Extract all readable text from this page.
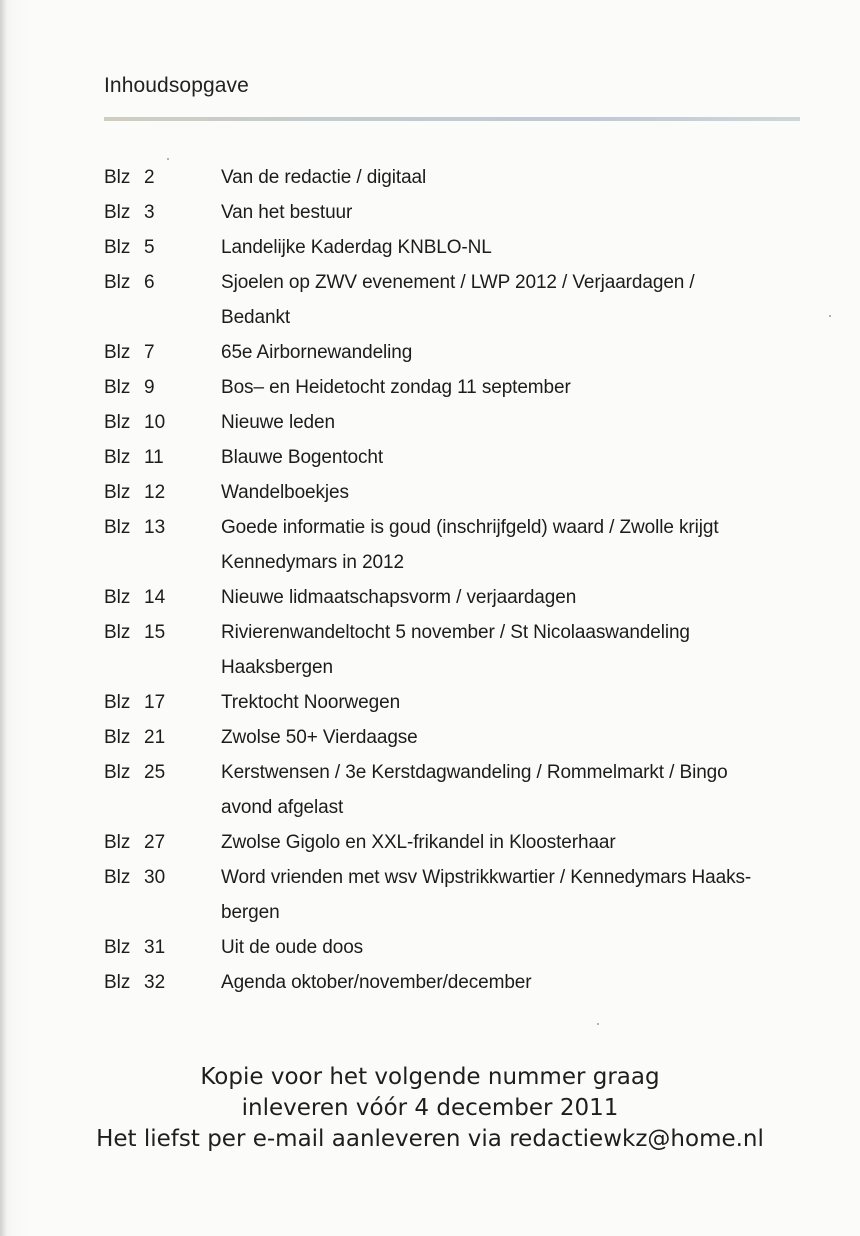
Inhoudsopgave
Blz 2	Van de redactie / digitaal
Blz 3	Van het bestuur
Blz 5	Landelijke Kaderdag KNBLO-NL
Blz 6	Sjoelen op ZWV evenement / LWP 2012 / Verjaardagen /
Bedankt
Blz 7	65e Airbornewandeling
Blz 9	Bos– en Heidetocht zondag 11 september
Blz 10	Nieuwe leden
Blz 11	Blauwe Bogentocht
Blz 12	Wandelboekjes
Blz 13	Goede informatie is goud (inschrijfgeld) waard / Zwolle krijgt
Kennedymars in 2012
Blz 14	Nieuwe lidmaatschapsvorm / verjaardagen
Blz 15	Rivierenwandeltocht 5 november / St Nicolaaswandeling
Haaksbergen
Blz 17	Trektocht Noorwegen
Blz 21	Zwolse 50+ Vierdaagse
Blz 25	Kerstwensen / 3e Kerstdagwandeling / Rommelmarkt / Bingo
avond afgelast
Blz 27	Zwolse Gigolo en XXL-frikandel in Kloosterhaar
Blz 30	Word vrienden met wsv Wipstrikkwartier / Kennedymars Haaks-
bergen
Blz 31	Uit de oude doos
Blz 32	Agenda oktober/november/december
Kopie voor het volgende nummer graag
inleveren vóór 4 december 2011
Het liefst per e-mail aanleveren via redactiewkz@home.nl
